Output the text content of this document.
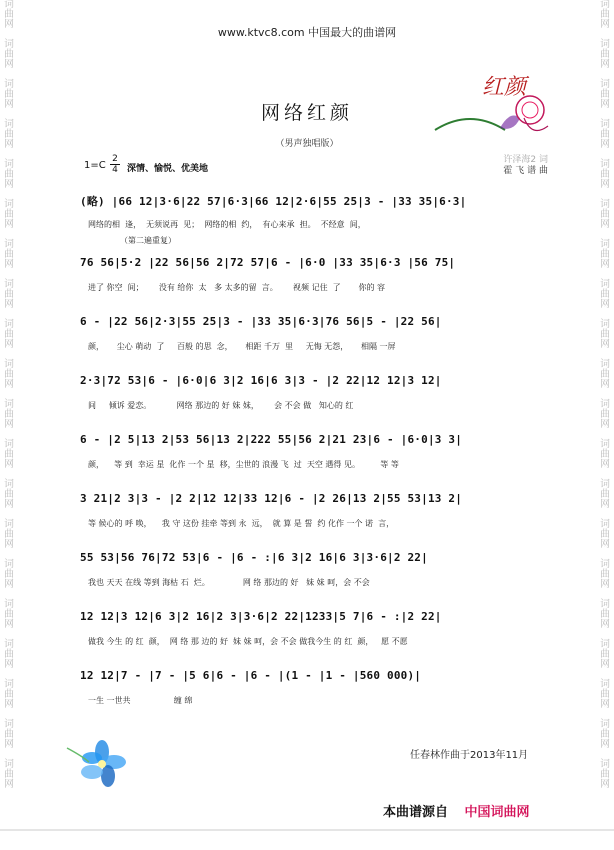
词
曲
网
词
曲
网
词
曲
网
词
曲
网
词
曲
网
词
曲
网
词
曲
网
词
曲
网
词
曲
网
词
曲
网
词
曲
网
词
曲
网
词
曲
网
词
曲
网
词
曲
网
词
曲
网
词
曲
网
词
曲
网
词
曲
网
词
曲
网
词
曲
网
词
曲
网
词
曲
网
词
曲
网
词
曲
网
词
曲
网
词
曲
网
词
曲
网
词
曲
网
词
曲
网
词
曲
网
词
曲
网
词
曲
网
词
曲
网
词
曲
网
词
曲
网
词
曲
网
词
曲
网
词
曲
网
词
曲
网
www.ktvc8.com 中国最大的曲谱网
红颜
网络红颜
（男声独唱版）
1=C
2
4 深情、愉悦、优美地
许泽海2 词
霍 飞 谱 曲
(略) |66 12|3·6|22 57|6·3|66 12|2·6|55 25|3 - |33 35|6·3|
网络的相  逢，  无须说再  见；  网络的相  约，  有心来承  担。  不经意  间，
（第二遍重复）
76 56|5·2 |22 56|56 2|72 57|6 - |6·0 |33 35|6·3 |56 75|
进了 你空  间；      没有 给你  太   多 太多的留  言。      视频 记住  了       你的 容
6 - |22 56|2·3|55 25|3 - |33 35|6·3|76 56|5 - |22 56|
颜，     尘心 萌动  了     百般 的思  念，     相距 千万  里     无悔 无怨，     相隔 一屏
2·3|72 53|6 - |6·0|6 3|2 16|6 3|3 - |2 22|12 12|3 12|
间     倾诉 爱恋。          网络 那边的 好 妹 妹，      会 不会 做   知心的 红
6 - |2 5|13 2|53 56|13 2|222 55|56 2|21 23|6 - |6·0|3 3|
颜，    等 到  幸运 星  化作 一个 星  移，尘世的 浪漫 飞  过  天空 遇得 见。        等 等
3 21|2 3|3 - |2 2|12 12|33 12|6 - |2 26|13 2|55 53|13 2|
等 候心的 呼 唤，    我 守 这份 挂牵 等到 永  远，  就 算 是 誓  约 化作 一个 诺  言，
55 53|56 76|72 53|6 - |6 - :|6 3|2 16|6 3|3·6|2 22|
我也 天天 在线 等到 海枯 石  烂。             网 络 那边的 好   妹 妹 呵，会 不会
12 12|3 12|6 3|2 16|2 3|3·6|2 22|1233|5 7|6 - :|2 22|
做我 今生 的 红  颜，  网 络 那 边的 好  妹 妹 呵，会 不会 做我今生 的 红  颜，   愿 不愿
12 12|7 - |7 - |5 6|6 - |6 - |(1 - |1 - |560 000)|
一生 一世共                 缠 绵
任春林作曲于2013年11月
本曲谱源自 中国词曲网
